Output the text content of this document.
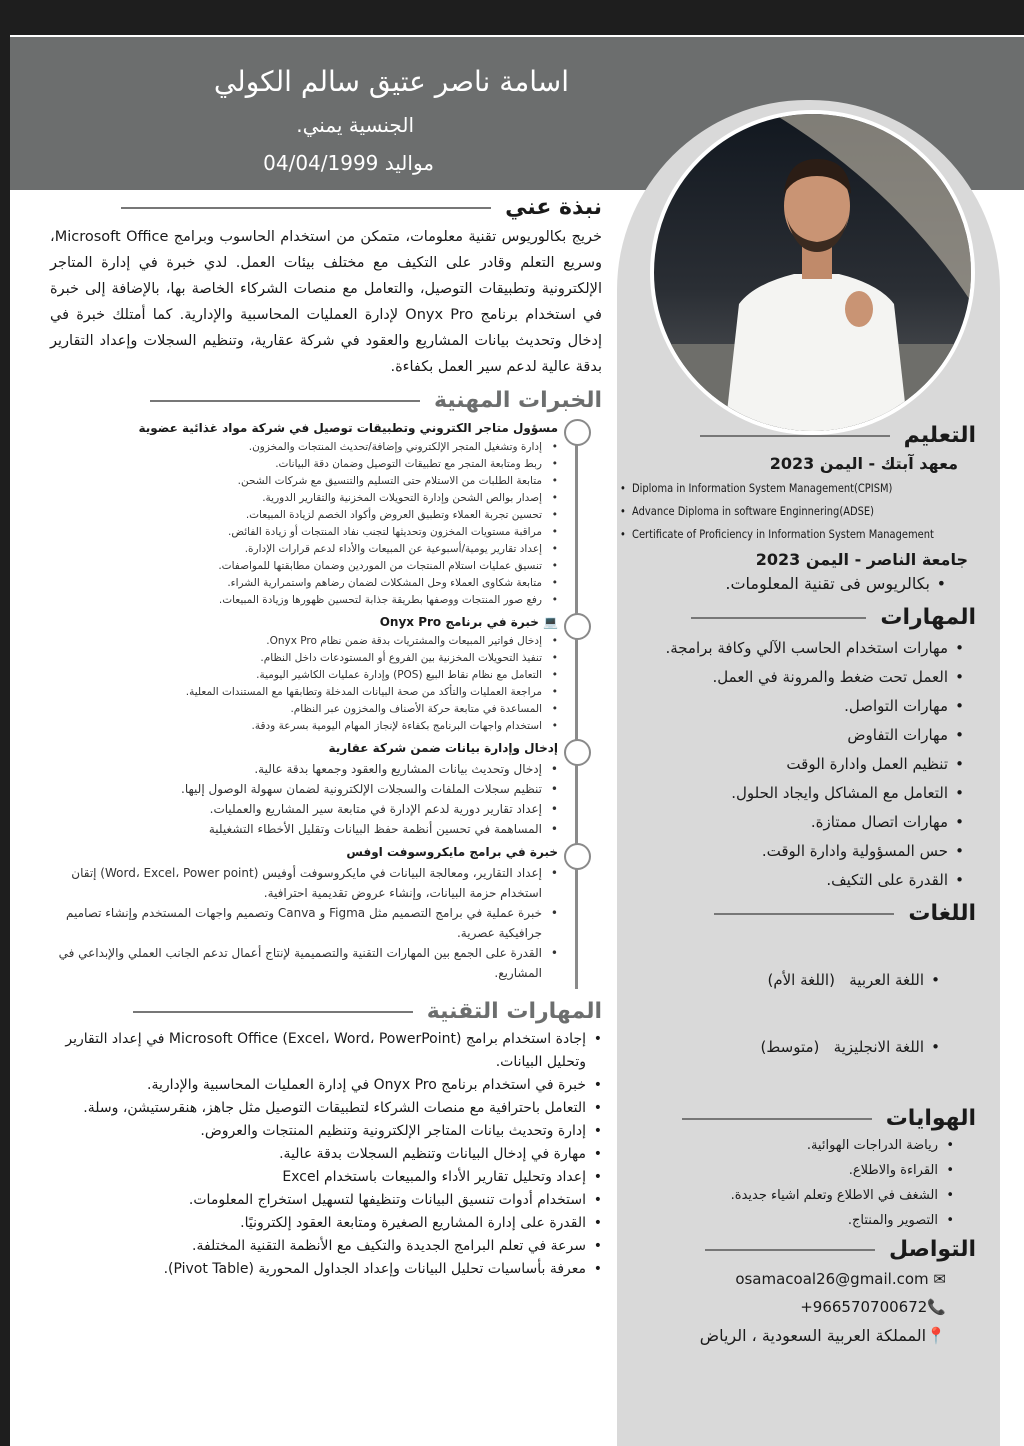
اسامة ناصر عتيق سالم الكولي
الجنسية يمني.
مواليد 04/04/1999
نبذة عني
خريج بكالوريوس تقنية معلومات، متمكن من استخدام الحاسوب وبرامج Microsoft Office، وسريع التعلم وقادر على التكيف مع مختلف بيئات العمل. لدي خبرة في إدارة المتاجر الإلكترونية وتطبيقات التوصيل، والتعامل مع منصات الشركاء الخاصة بها، بالإضافة إلى خبرة في استخدام برنامج Onyx Pro لإدارة العمليات المحاسبية والإدارية. كما أمتلك خبرة في إدخال وتحديث بيانات المشاريع والعقود في شركة عقارية، وتنظيم السجلات وإعداد التقارير بدقة عالية لدعم سير العمل بكفاءة.
الخبرات المهنية
مسؤول متاجر الكتروني وتطبيقات توصيل في شركة مواد غذائية عضوية
• إدارة وتشغيل المتجر الإلكتروني وإضافة/تحديث المنتجات والمخزون.
• ربط ومتابعة المتجر مع تطبيقات التوصيل وضمان دقة البيانات.
• متابعة الطلبات من الاستلام حتى التسليم والتنسيق مع شركات الشحن.
• إصدار بوالص الشحن وإدارة التحويلات المخزنية والتقارير الدورية.
• تحسين تجربة العملاء وتطبيق العروض وأكواد الخصم لزيادة المبيعات.
• مراقبة مستويات المخزون وتحديثها لتجنب نفاد المنتجات أو زيادة الفائض.
• إعداد تقارير يومية/أسبوعية عن المبيعات والأداء لدعم قرارات الإدارة.
• تنسيق عمليات استلام المنتجات من الموردين وضمان مطابقتها للمواصفات.
• متابعة شكاوى العملاء وحل المشكلات لضمان رضاهم واستمرارية الشراء.
• رفع صور المنتجات ووصفها بطريقة جذابة لتحسين ظهورها وزيادة المبيعات.
💻 خبرة في برنامج Onyx Pro
• إدخال فواتير المبيعات والمشتريات بدقة ضمن نظام Onyx Pro.
• تنفيذ التحويلات المخزنية بين الفروع أو المستودعات داخل النظام.
• التعامل مع نظام نقاط البيع (POS) وإدارة عمليات الكاشير اليومية.
• مراجعة العمليات والتأكد من صحة البيانات المدخلة وتطابقها مع المستندات المعلية.
• المساعدة في متابعة حركة الأصناف والمخزون عبر النظام.
• استخدام واجهات البرنامج بكفاءة لإنجاز المهام اليومية بسرعة ودقة.
إدخال وإدارة بيانات ضمن شركة عقارية
• إدخال وتحديث بيانات المشاريع والعقود وجمعها بدقة عالية.
• تنظيم سجلات الملفات والسجلات الإلكترونية لضمان سهولة الوصول إليها.
• إعداد تقارير دورية لدعم الإدارة في متابعة سير المشاريع والعمليات.
• المساهمة في تحسين أنظمة حفظ البيانات وتقليل الأخطاء التشغيلية
خبرة في برامج مايكروسوفت اوفس
• إعداد التقارير، ومعالجة البيانات في مايكروسوفت أوفيس (Word، Excel، Power point) إتقان استخدام حزمة البيانات، وإنشاء عروض تقديمية احترافية.
• خبرة عملية في برامج التصميم مثل Figma و Canva وتصميم واجهات المستخدم وإنشاء تصاميم جرافيكية عصرية.
• القدرة على الجمع بين المهارات التقنية والتصميمية لإنتاج أعمال تدعم الجانب العملي والإبداعي في المشاريع.
المهارات التقنية
• إجادة استخدام برامج Microsoft Office (Excel، Word، PowerPoint) في إعداد التقارير وتحليل البيانات.
• خبرة في استخدام برنامج Onyx Pro في إدارة العمليات المحاسبية والإدارية.
• التعامل باحترافية مع منصات الشركاء لتطبيقات التوصيل مثل جاهز، هنقرستيشن، وسلة.
• إدارة وتحديث بيانات المتاجر الإلكترونية وتنظيم المنتجات والعروض.
• مهارة في إدخال البيانات وتنظيم السجلات بدقة عالية.
• إعداد وتحليل تقارير الأداء والمبيعات باستخدام Excel
• استخدام أدوات تنسيق البيانات وتنظيفها لتسهيل استخراج المعلومات.
• القدرة على إدارة المشاريع الصغيرة ومتابعة العقود إلكترونيًا.
• سرعة في تعلم البرامج الجديدة والتكيف مع الأنظمة التقنية المختلفة.
• معرفة بأساسيات تحليل البيانات وإعداد الجداول المحورية (Pivot Table).
التعليم
معهد آبتك - اليمن 2023
• Diploma in Information System Management(CPISM)
• Advance Diploma in software Enginnering(ADSE)
• Certificate of Proficiency in Information System Management
جامعة الناصر - اليمن 2023
• بكالريوس فى تقنية المعلومات.
المهارات
• مهارات استخدام الحاسب الآلي وكافة برامجة.
• العمل تحت ضغط والمرونة في العمل.
• مهارات التواصل.
• مهارات التفاوض
• تنظيم العمل وادارة الوقت
• التعامل مع المشاكل وايجاد الحلول.
• مهارات اتصال ممتازة.
• حس المسؤولية وادارة الوقت.
• القدرة على التكيف.
اللغات

• اللغة العربية   (اللغة الأم)

• اللغة الانجليزية   (متوسط)

الهوايات
• رياضة الدراجات الهوائية.
• القراءة والاطلاع.
• الشغف في الاطلاع وتعلم اشياء جديدة.
• التصوير والمنتاج.
التواصل
osamacoal26@gmail.com ✉
+966570700672📞
📍المملكة العربية السعودية ، الرياض
